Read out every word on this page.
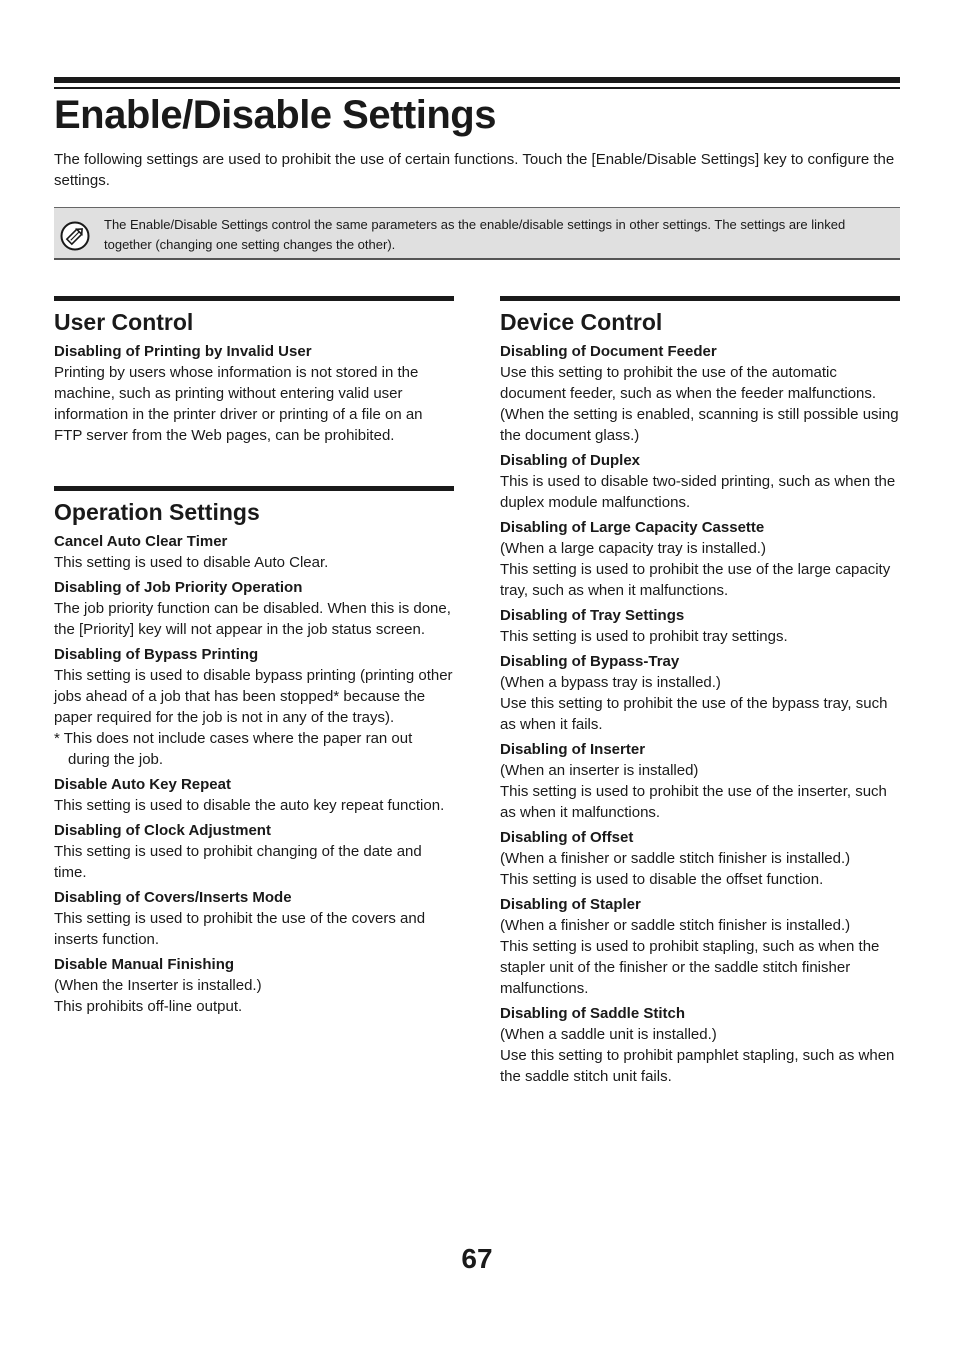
Enable/Disable Settings

The following settings are used to prohibit the use of certain functions. Touch the [Enable/Disable Settings] key to configure the settings.

The Enable/Disable Settings control the same parameters as the enable/disable settings in other settings. The settings are linked together (changing one setting changes the other).

User Control

Disabling of Printing by Invalid User

Printing by users whose information is not stored in the machine, such as printing without entering valid user information in the printer driver or printing of a file on an FTP server from the Web pages, can be prohibited.

Operation Settings

Cancel Auto Clear Timer

This setting is used to disable Auto Clear.

Disabling of Job Priority Operation

The job priority function can be disabled. When this is done, the [Priority] key will not appear in the job status screen.

Disabling of Bypass Printing

This setting is used to disable bypass printing (printing other jobs ahead of a job that has been stopped* because the paper required for the job is not in any of the trays).

* This does not include cases where the paper ran out during the job.

Disable Auto Key Repeat

This setting is used to disable the auto key repeat function.

Disabling of Clock Adjustment

This setting is used to prohibit changing of the date and time.

Disabling of Covers/Inserts Mode

This setting is used to prohibit the use of the covers and inserts function.

Disable Manual Finishing

(When the Inserter is installed.)

This prohibits off-line output.

Device Control

Disabling of Document Feeder

Use this setting to prohibit the use of the automatic document feeder, such as when the feeder malfunctions. (When the setting is enabled, scanning is still possible using the document glass.)

Disabling of Duplex

This is used to disable two-sided printing, such as when the duplex module malfunctions.

Disabling of Large Capacity Cassette

(When a large capacity tray is installed.)

This setting is used to prohibit the use of the large capacity tray, such as when it malfunctions.

Disabling of Tray Settings

This setting is used to prohibit tray settings.

Disabling of Bypass-Tray

(When a bypass tray is installed.)

Use this setting to prohibit the use of the bypass tray, such as when it fails.

Disabling of Inserter

(When an inserter is installed)

This setting is used to prohibit the use of the inserter, such as when it malfunctions.

Disabling of Offset

(When a finisher or saddle stitch finisher is installed.)

This setting is used to disable the offset function.

Disabling of Stapler

(When a finisher or saddle stitch finisher is installed.)

This setting is used to prohibit stapling, such as when the stapler unit of the finisher or the saddle stitch finisher malfunctions.

Disabling of Saddle Stitch

(When a saddle unit is installed.)

Use this setting to prohibit pamphlet stapling, such as when the saddle stitch unit fails.

67
